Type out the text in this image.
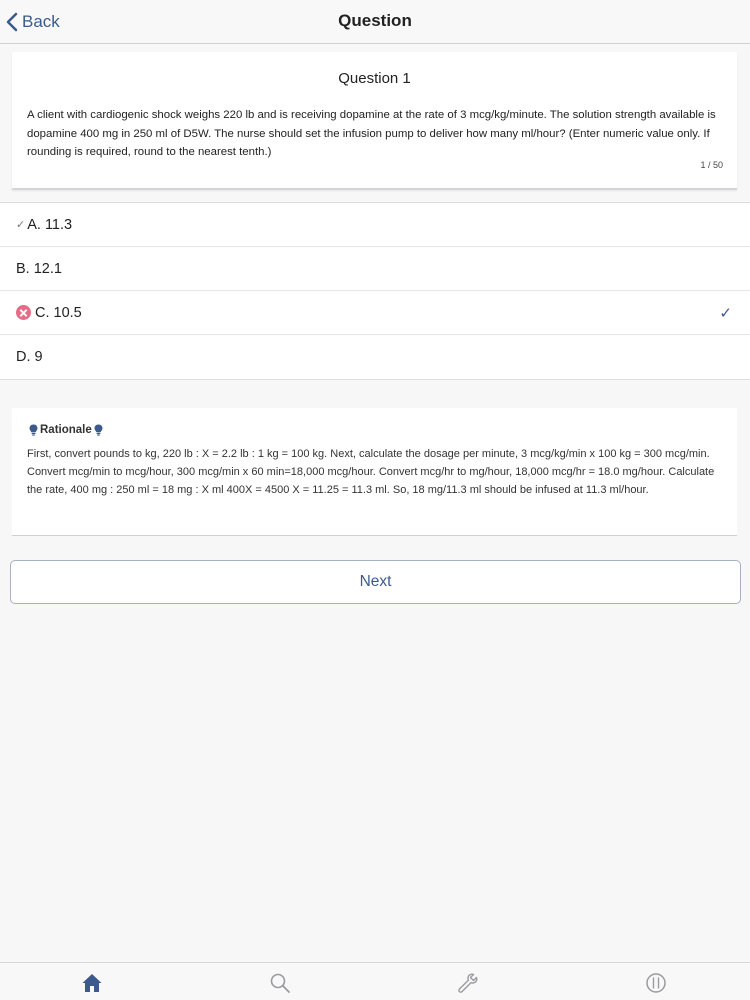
Back	Question
Question 1
A client with cardiogenic shock weighs 220 lb and is receiving dopamine at the rate of 3 mcg/kg/minute. The solution strength available is dopamine 400 mg in 250 ml of D5W. The nurse should set the infusion pump to deliver how many ml/hour? (Enter numeric value only. If rounding is required, round to the nearest tenth.)
1 / 50
✓ A. 11.3
B. 12.1
C. 10.5	✓
D. 9
Rationale
First, convert pounds to kg, 220 lb : X = 2.2 lb : 1 kg = 100 kg. Next, calculate the dosage per minute, 3 mcg/kg/min x 100 kg = 300 mcg/min. Convert mcg/min to mcg/hour, 300 mcg/min x 60 min=18,000 mcg/hour. Convert mcg/hr to mg/hour, 18,000 mcg/hr = 18.0 mg/hour. Calculate the rate, 400 mg : 250 ml = 18 mg : X ml 400X = 4500 X = 11.25 = 11.3 ml. So, 18 mg/11.3 ml should be infused at 11.3 ml/hour.
Next
